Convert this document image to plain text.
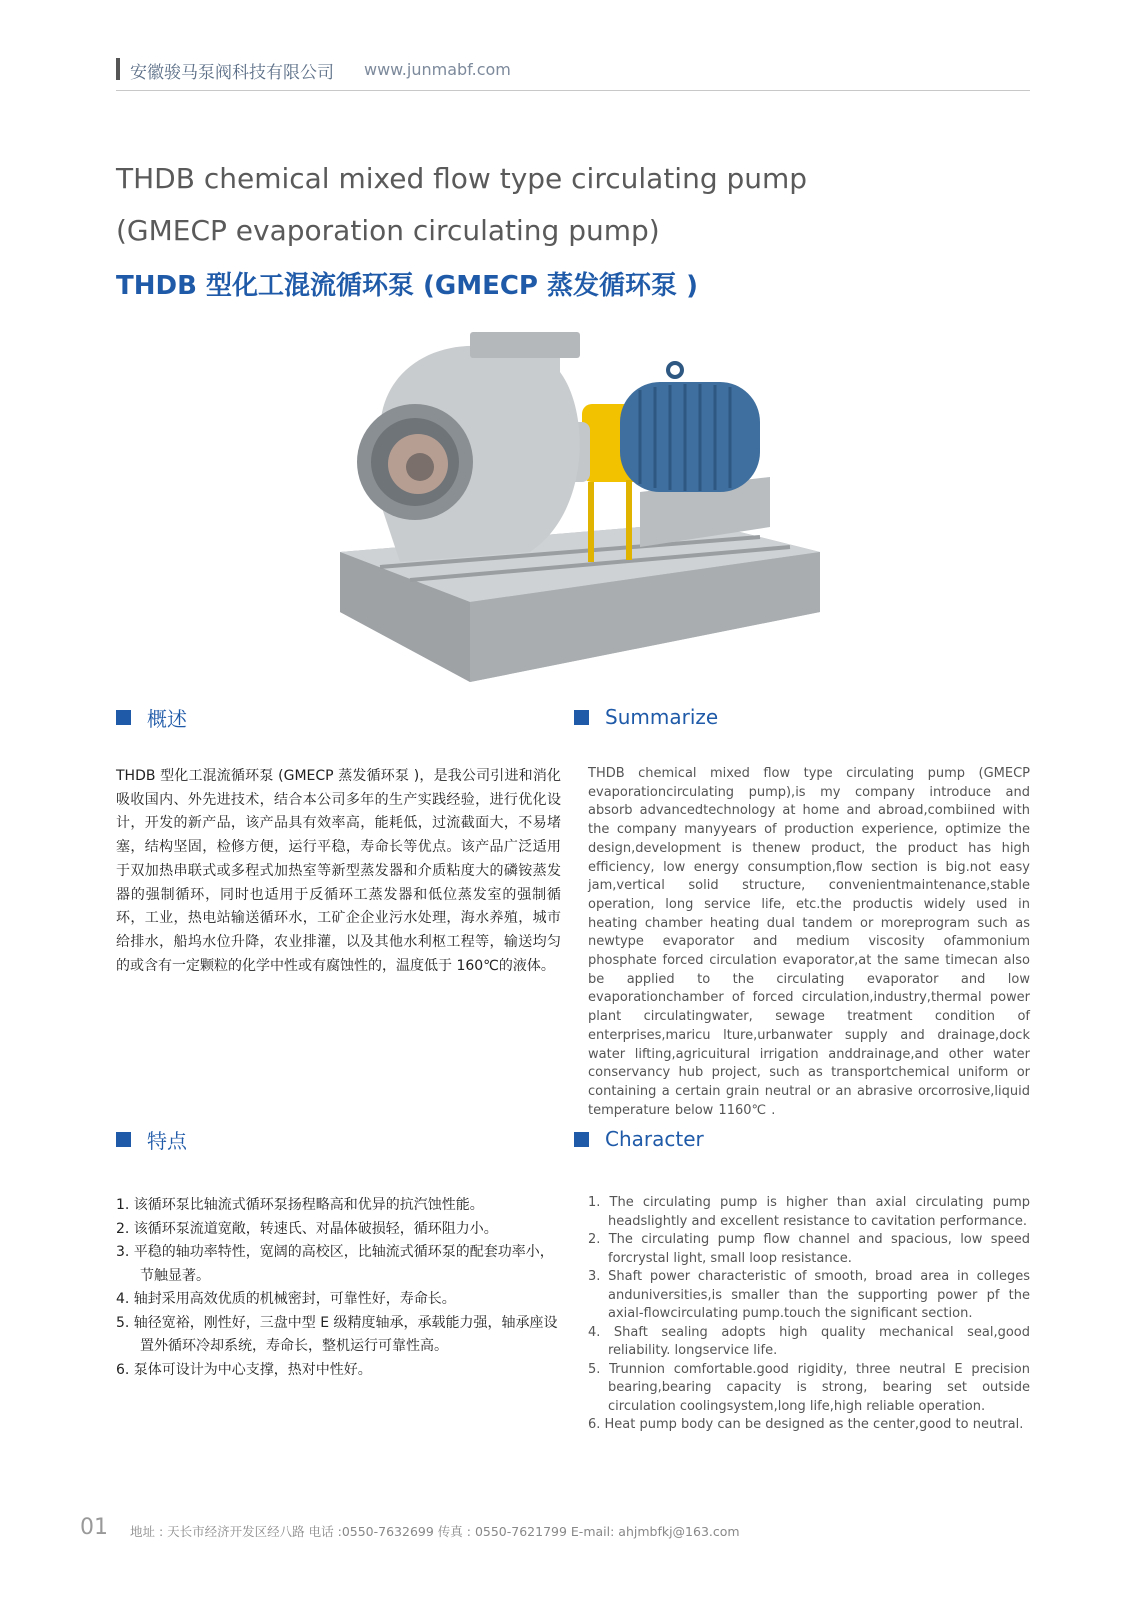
安徽骏马泵阀科技有限公司 www.junmabf.com
THDB chemical mixed flow type circulating pump
(GMECP evaporation circulating pump)
THDB 型化工混流循环泵 (GMECP 蒸发循环泵 )
概述
THDB 型化工混流循环泵 (GMECP 蒸发循环泵 )，是我公司引进和消化吸收国内、外先进技术，结合本公司多年的生产实践经验，进行优化设计，开发的新产品，该产品具有效率高，能耗低，过流截面大，不易堵塞，结构坚固，检修方便，运行平稳，寿命长等优点。该产品广泛适用于双加热串联式或多程式加热室等新型蒸发器和介质粘度大的磷铵蒸发器的强制循环，同时也适用于反循环工蒸发器和低位蒸发室的强制循环，工业，热电站输送循环水，工矿企企业污水处理，海水养殖，城市给排水，船坞水位升降，农业排灌，以及其他水利枢工程等，输送均匀的或含有一定颗粒的化学中性或有腐蚀性的，温度低于 160℃的液体。
Summarize
THDB chemical mixed flow type circulating pump (GMECP evaporationcirculating pump),is my company introduce and absorb advancedtechnology at home and abroad,combiined with the company manyyears of production experience, optimize the design,development is thenew product, the product has high efficiency, low energy consumption,flow section is big.not easy jam,vertical solid structure, convenientmaintenance,stable operation, long service life, etc.the productis widely used in heating chamber heating dual tandem or moreprogram such as newtype evaporator and medium viscosity ofammonium phosphate forced circulation evaporator,at the same timecan also be applied to the circulating evaporator and low evaporationchamber of forced circulation,industry,thermal power plant circulatingwater, sewage treatment condition of enterprises,maricu lture,urbanwater supply and drainage,dock water lifting,agricuitural irrigation anddrainage,and other water conservancy hub project, such as transportchemical uniform or containing a certain grain neutral or an abrasive orcorrosive,liquid temperature below 1160℃ .
特点
1. 该循环泵比轴流式循环泵扬程略高和优异的抗汽蚀性能。
2. 该循环泵流道宽敞，转速氏、对晶体破损轻，循环阻力小。
3. 平稳的轴功率特性，宽阔的高校区，比轴流式循环泵的配套功率小，节触显著。
4. 轴封采用高效优质的机械密封，可靠性好，寿命长。
5. 轴径宽裕，刚性好，三盘中型 E 级精度轴承，承载能力强，轴承座设置外循环冷却系统，寿命长，整机运行可靠性高。
6. 泵体可设计为中心支撑，热对中性好。
Character
1. The circulating pump is higher than axial circulating pump headslightly and excellent resistance to cavitation performance.
2. The circulating pump flow channel and spacious, low speed forcrystal light, small loop resistance.
3. Shaft power characteristic of smooth, broad area in colleges anduniversities,is smaller than the supporting power pf the axial-flowcirculating pump.touch the significant section.
4. Shaft sealing adopts high quality mechanical seal,good reliability. longservice life.
5. Trunnion comfortable.good rigidity, three neutral E precision bearing,bearing capacity is strong, bearing set outside circulation coolingsystem,long life,high reliable operation.
6. Heat pump body can be designed as the center,good to neutral.
01 地址 : 天长市经济开发区经八路 电话 :0550-7632699 传真 : 0550-7621799 E-mail: ahjmbfkj@163.com
